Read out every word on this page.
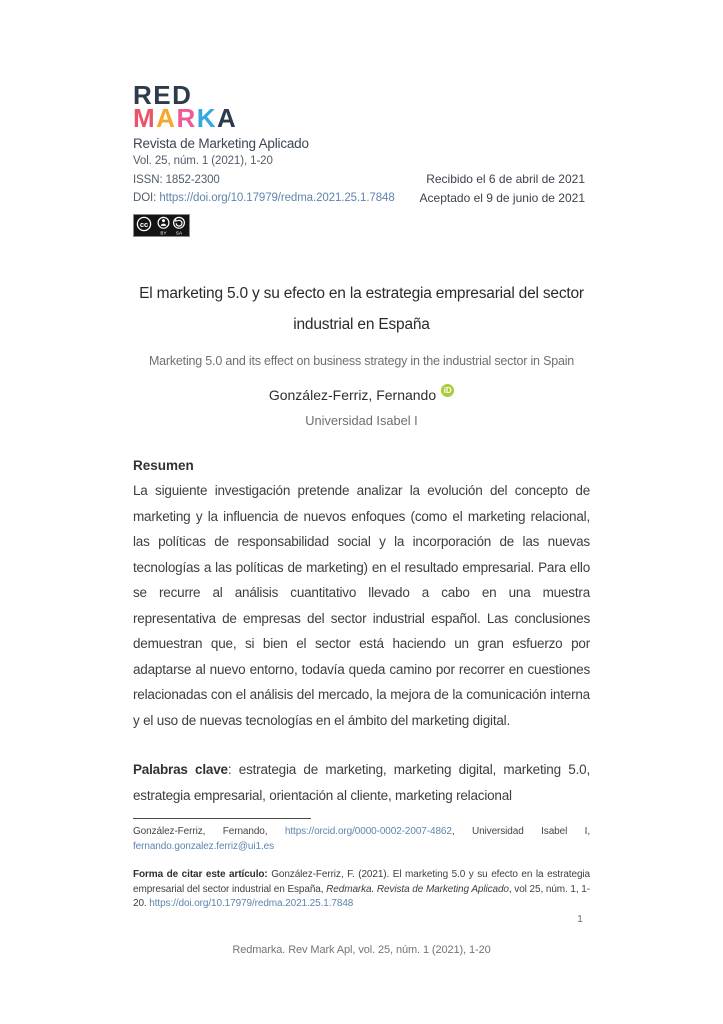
RED
MARKA
Revista de Marketing Aplicado
Vol. 25, núm. 1 (2021), 1-20
ISSN: 1852-2300
DOI: https://doi.org/10.17979/redma.2021.25.1.7848
cc
BY SA
Recibido el 6 de abril de 2021
Aceptado el 9 de junio de 2021
El marketing 5.0 y su efecto en la estrategia empresarial del sector industrial en España
Marketing 5.0 and its effect on business strategy in the industrial sector in Spain
González-Ferriz, Fernando iD
Universidad Isabel I
Resumen
La siguiente investigación pretende analizar la evolución del concepto de marketing y la influencia de nuevos enfoques (como el marketing relacional, las políticas de responsabilidad social y la incorporación de las nuevas tecnologías a las políticas de marketing) en el resultado empresarial. Para ello se recurre al análisis cuantitativo llevado a cabo en una muestra representativa de empresas del sector industrial español. Las conclusiones demuestran que, si bien el sector está haciendo un gran esfuerzo por adaptarse al nuevo entorno, todavía queda camino por recorrer en cuestiones relacionadas con el análisis del mercado, la mejora de la comunicación interna y el uso de nuevas tecnologías en el ámbito del marketing digital.
Palabras clave: estrategia de marketing, marketing digital, marketing 5.0, estrategia empresarial, orientación al cliente, marketing relacional
González-Ferriz, Fernando, https://orcid.org/0000-0002-2007-4862, Universidad Isabel I, fernando.gonzalez.ferriz@ui1.es
Forma de citar este artículo: González-Ferriz, F. (2021). El marketing 5.0 y su efecto en la estrategia empresarial del sector industrial en España, Redmarka. Revista de Marketing Aplicado, vol 25, núm. 1, 1-20. https://doi.org/10.17979/redma.2021.25.1.7848
1
Redmarka. Rev Mark Apl, vol. 25, núm. 1 (2021), 1-20
